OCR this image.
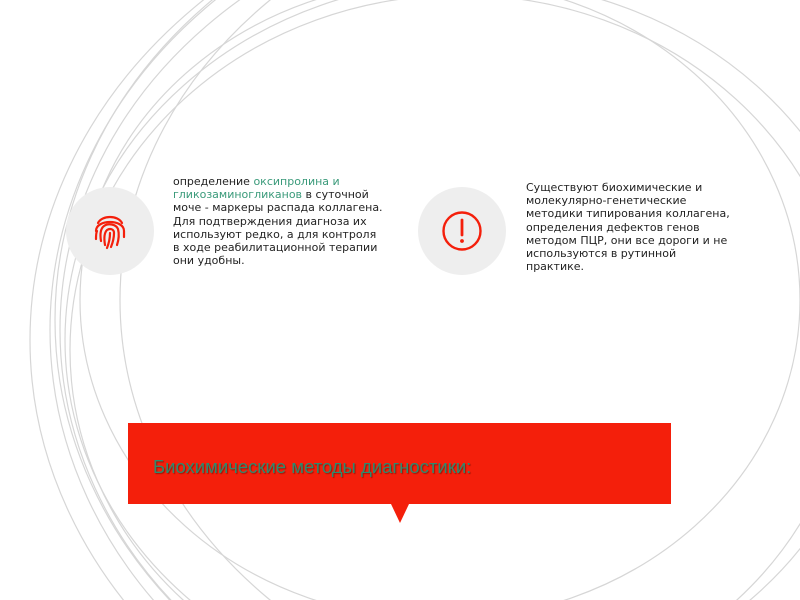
определение оксипролина и гликозаминогликанов в суточной моче - маркеры распада коллагена. Для подтверждения диагноза их используют редко, а для контроля в ходе реабилитационной терапии они удобны.
Существуют биохимические и молекулярно-генетические методики типирования коллагена, определения дефектов генов методом ПЦР, они все дороги и не используются в рутинной практике.
Биохимические методы диагностики:
